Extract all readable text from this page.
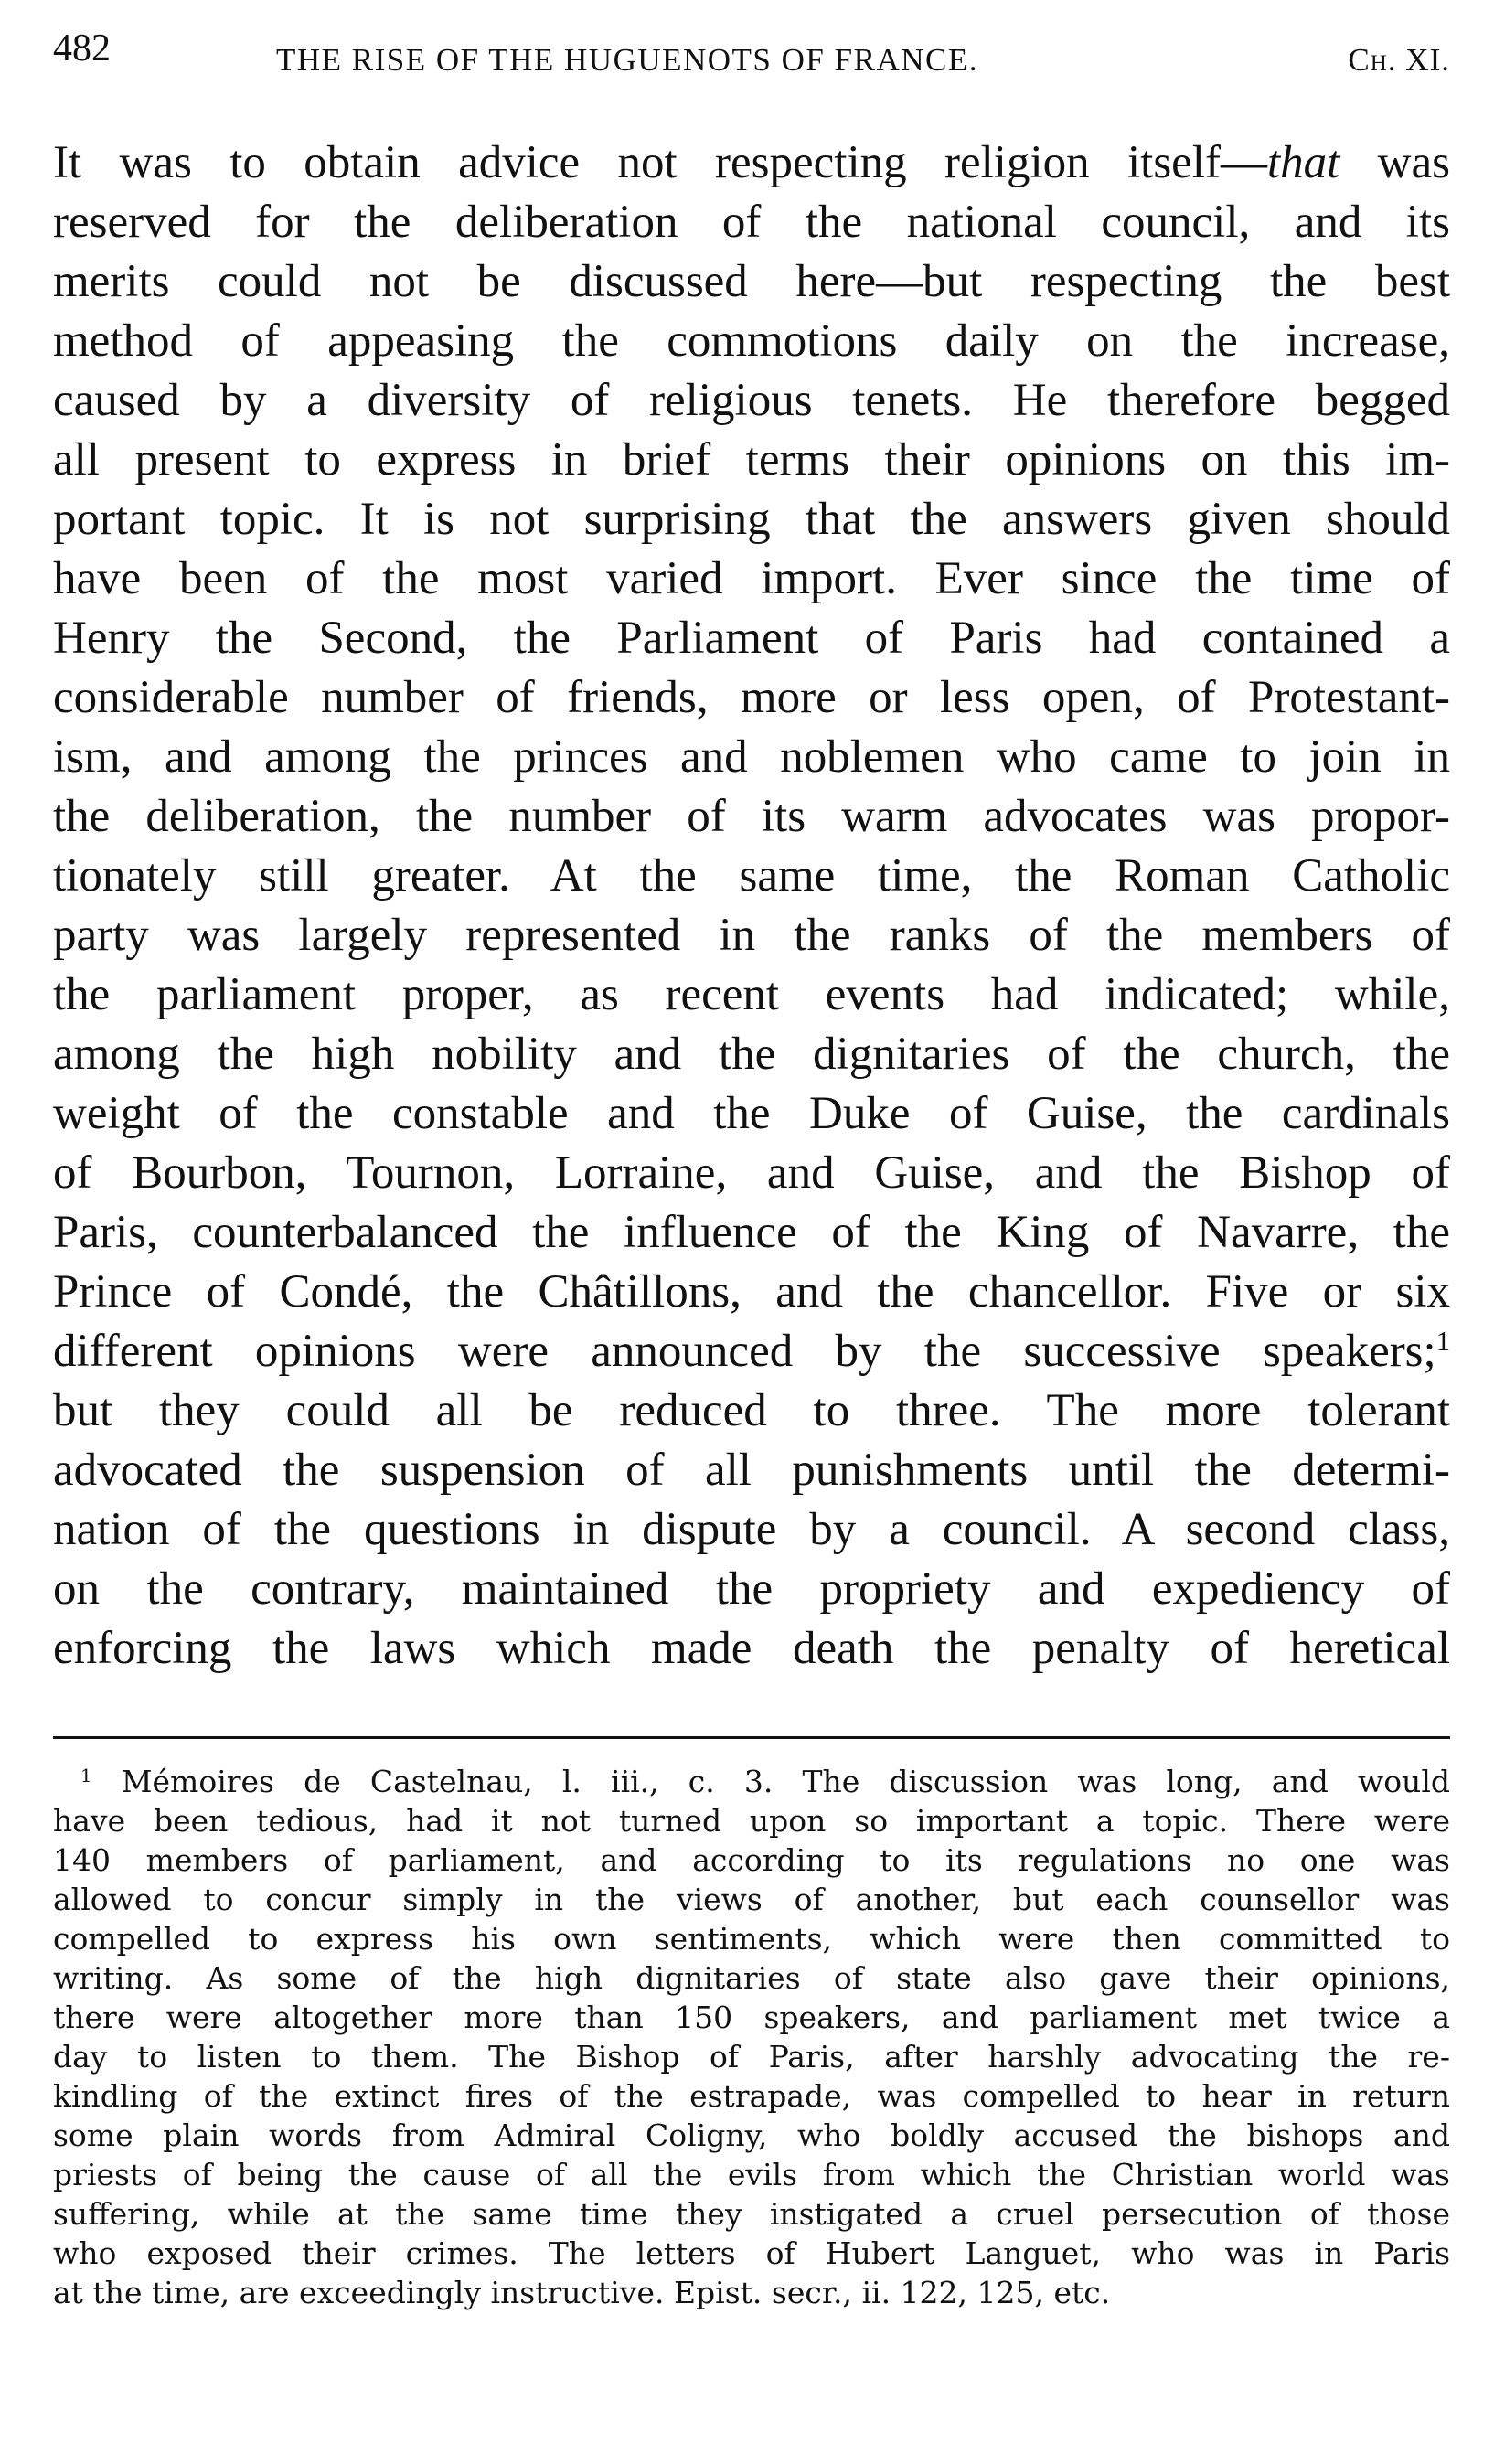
482	THE RISE OF THE HUGUENOTS OF FRANCE.	Ch. XI.

It was to obtain advice not respecting religion itself—that was
reserved for the deliberation of the national council, and its
merits could not be discussed here—but respecting the best
method of appeasing the commotions daily on the increase,
caused by a diversity of religious tenets. He therefore begged
all present to express in brief terms their opinions on this im-
portant topic. It is not surprising that the answers given should
have been of the most varied import. Ever since the time of
Henry the Second, the Parliament of Paris had contained a
considerable number of friends, more or less open, of Protestant-
ism, and among the princes and noblemen who came to join in
the deliberation, the number of its warm advocates was propor-
tionately still greater. At the same time, the Roman Catholic
party was largely represented in the ranks of the members of
the parliament proper, as recent events had indicated; while,
among the high nobility and the dignitaries of the church, the
weight of the constable and the Duke of Guise, the cardinals
of Bourbon, Tournon, Lorraine, and Guise, and the Bishop of
Paris, counterbalanced the influence of the King of Navarre, the
Prince of Condé, the Châtillons, and the chancellor. Five or six
different opinions were announced by the successive speakers;$^1$
but they could all be reduced to three. The more tolerant
advocated the suspension of all punishments until the determi-
nation of the questions in dispute by a council. A second class,
on the contrary, maintained the propriety and expediency of
enforcing the laws which made death the penalty of heretical

$^1$ Mémoires de Castelnau, l. iii., c. 3. The discussion was long, and would
have been tedious, had it not turned upon so important a topic. There were
140 members of parliament, and according to its regulations no one was
allowed to concur simply in the views of another, but each counsellor was
compelled to express his own sentiments, which were then committed to
writing. As some of the high dignitaries of state also gave their opinions,
there were altogether more than 150 speakers, and parliament met twice a
day to listen to them. The Bishop of Paris, after harshly advocating the re-
kindling of the extinct fires of the estrapade, was compelled to hear in return
some plain words from Admiral Coligny, who boldly accused the bishops and
priests of being the cause of all the evils from which the Christian world was
suffering, while at the same time they instigated a cruel persecution of those
who exposed their crimes. The letters of Hubert Languet, who was in Paris
at the time, are exceedingly instructive. Epist. secr., ii. 122, 125, etc.
